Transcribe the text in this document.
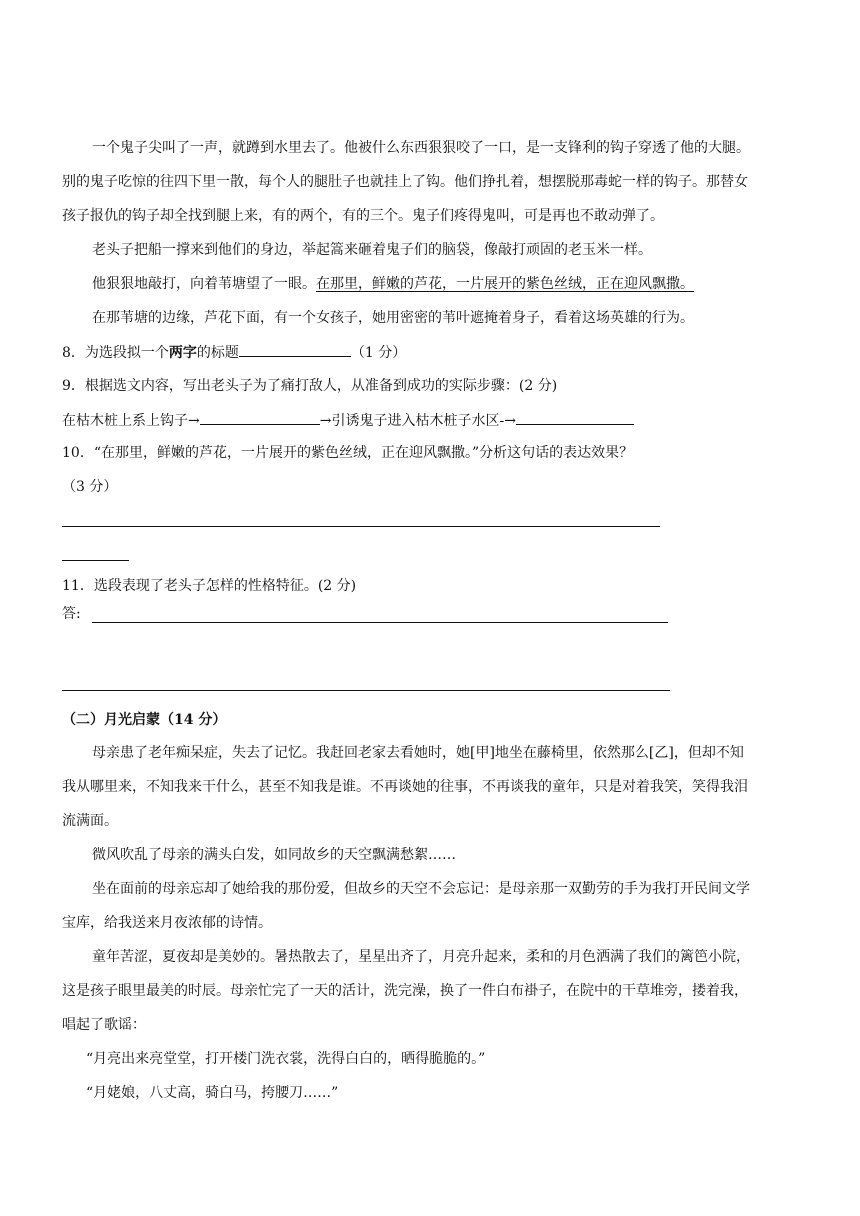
一个鬼子尖叫了一声，就蹲到水里去了。他被什么东西狠狠咬了一口，是一支锋利的钩子穿透了他的大腿。
别的鬼子吃惊的往四下里一散，每个人的腿肚子也就挂上了钩。他们挣扎着，想摆脱那毒蛇一样的钩子。那替女
孩子报仇的钩子却全找到腿上来，有的两个，有的三个。鬼子们疼得鬼叫，可是再也不敢动弹了。
老头子把船一撑来到他们的身边，举起篙来砸着鬼子们的脑袋，像敲打顽固的老玉米一样。
他狠狠地敲打，向着苇塘望了一眼。在那里，鲜嫩的芦花，一片展开的紫色丝绒，正在迎风飘撒。
在那苇塘的边缘，芦花下面，有一个女孩子，她用密密的苇叶遮掩着身子，看着这场英雄的行为。
8．为选段拟一个两字的标题	（1 分）
9．根据选文内容，写出老头子为了痛打敌人，从准备到成功的实际步骤：(2 分)
在枯木桩上系上钩子→	→引诱鬼子进入枯木桩子水区-→
10．“在那里，鲜嫩的芦花，一片展开的紫色丝绒，正在迎风飘撒。”分析这句话的表达效果？
（3 分）
11．选段表现了老头子怎样的性格特征。(2 分)
答:
（二）月光启蒙（14 分）
母亲患了老年痴呆症，失去了记忆。我赶回老家去看她时，她[甲]地坐在藤椅里，依然那么[乙]，但却不知
我从哪里来，不知我来干什么，甚至不知我是谁。不再谈她的往事，不再谈我的童年，只是对着我笑，笑得我泪
流满面。
微风吹乱了母亲的满头白发，如同故乡的天空飘满愁絮……
坐在面前的母亲忘却了她给我的那份爱，但故乡的天空不会忘记：是母亲那一双勤劳的手为我打开民间文学
宝库，给我送来月夜浓郁的诗情。
童年苦涩，夏夜却是美妙的。暑热散去了，星星出齐了，月亮升起来，柔和的月色洒满了我们的篱笆小院，
这是孩子眼里最美的时辰。母亲忙完了一天的活计，洗完澡，换了一件白布褂子，在院中的干草堆旁，搂着我，
唱起了歌谣：
“月亮出来亮堂堂，打开楼门洗衣裳，洗得白白的，晒得脆脆的。”
“月姥娘，八丈高，骑白马，挎腰刀……”
